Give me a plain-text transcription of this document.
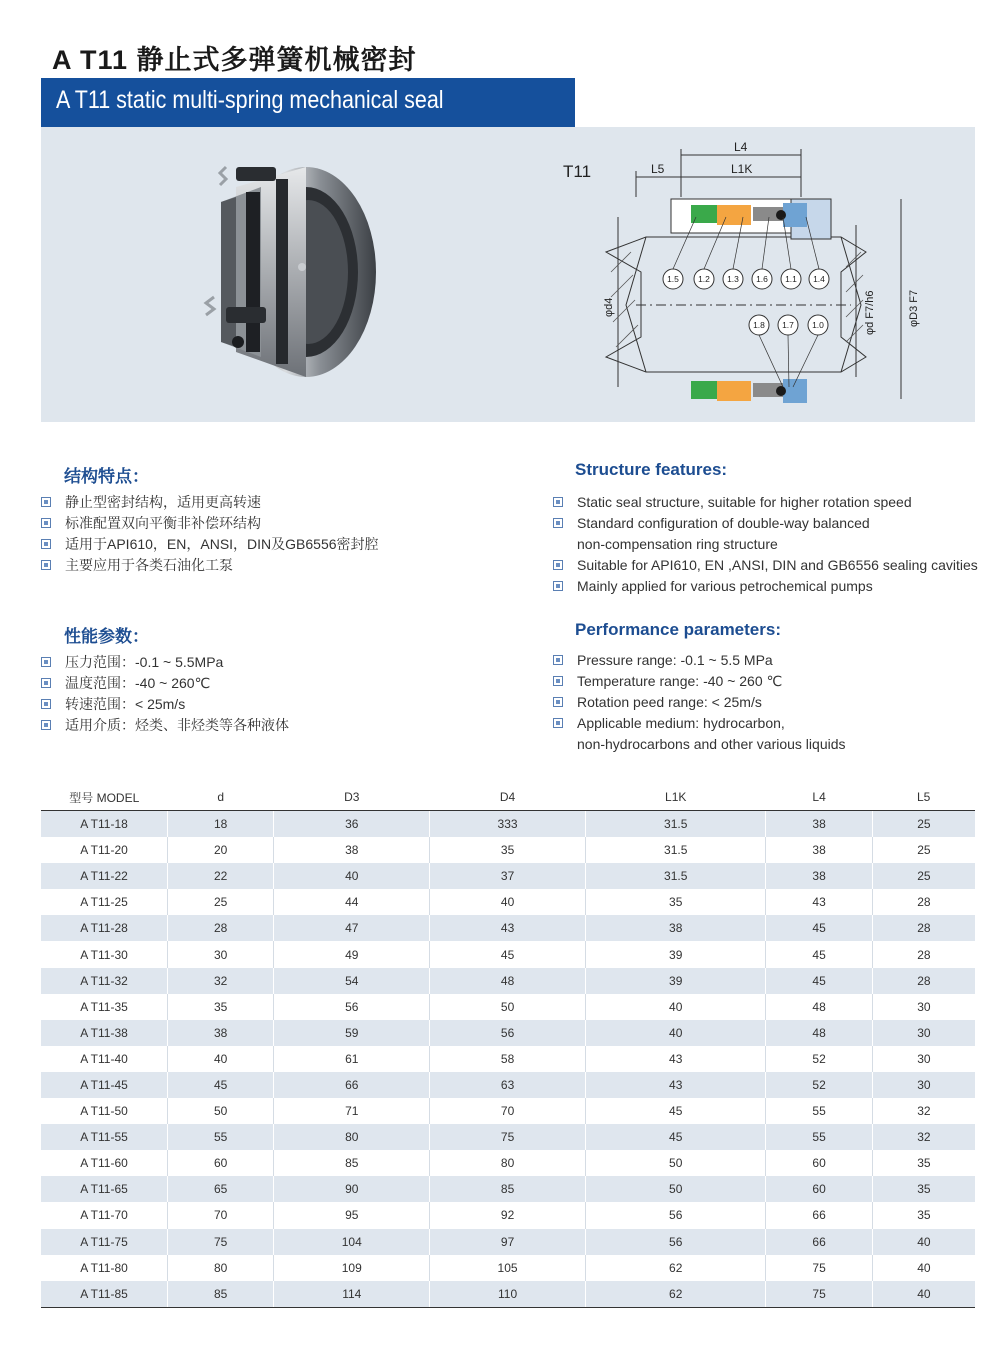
A T11 静止式多弹簧机械密封
A T11 static multi-spring mechanical seal
T11
L4
L5	L1K
φd4	φd F7/h6	φD3 F7
1.5 1.2 1.3 1.6 1.1 1.4
1.8 1.7 1.0
结构特点：
静止型密封结构，适用更高转速
标准配置双向平衡非补偿环结构
适用于API610，EN，ANSI，DIN及GB6556密封腔
主要应用于各类石油化工泵
Structure features:
Static seal structure, suitable for higher rotation speed
Standard configuration of double-way balanced
non-compensation ring structure
Suitable for API610, EN ,ANSI, DIN and GB6556 sealing cavities
Mainly applied for various petrochemical pumps
性能参数：
压力范围：-0.1 ~ 5.5MPa
温度范围：-40 ~ 260℃
转速范围：< 25m/s
适用介质：烃类、非烃类等各种液体
Performance parameters:
Pressure range: -0.1 ~ 5.5 MPa
Temperature range: -40 ~ 260 ℃
Rotation peed range: < 25m/s
Applicable medium: hydrocarbon,
non-hydrocarbons and other various liquids
型号 MODEL	d	D3	D4	L1K	L4	L5
A T11-18	18	36	333	31.5	38	25
A T11-20	20	38	35	31.5	38	25
A T11-22	22	40	37	31.5	38	25
A T11-25	25	44	40	35	43	28
A T11-28	28	47	43	38	45	28
A T11-30	30	49	45	39	45	28
A T11-32	32	54	48	39	45	28
A T11-35	35	56	50	40	48	30
A T11-38	38	59	56	40	48	30
A T11-40	40	61	58	43	52	30
A T11-45	45	66	63	43	52	30
A T11-50	50	71	70	45	55	32
A T11-55	55	80	75	45	55	32
A T11-60	60	85	80	50	60	35
A T11-65	65	90	85	50	60	35
A T11-70	70	95	92	56	66	35
A T11-75	75	104	97	56	66	40
A T11-80	80	109	105	62	75	40
A T11-85	85	114	110	62	75	40
